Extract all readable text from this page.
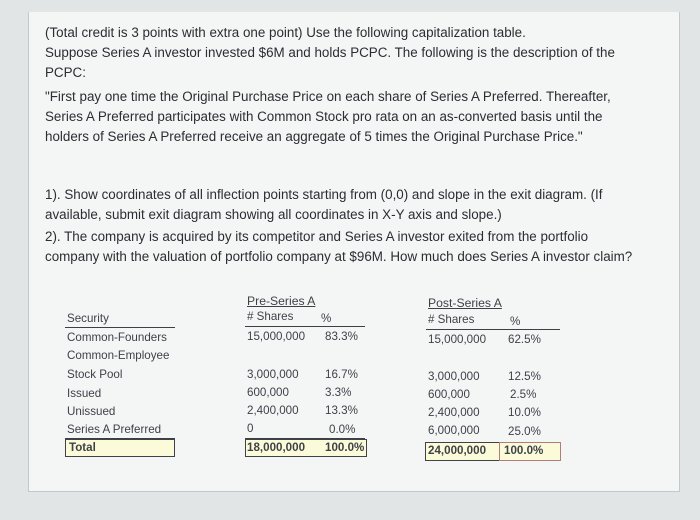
(Total credit is 3 points with extra one point) Use the following capitalization table.

Suppose Series A investor invested $6M and holds PCPC. The following is the description of the

PCPC:

"First pay one time the Original Purchase Price on each share of Series A Preferred. Thereafter,

Series A Preferred participates with Common Stock pro rata on an as-converted basis until the

holders of Series A Preferred receive an aggregate of 5 times the Original Purchase Price."

1). Show coordinates of all inflection points starting from (0,0) and slope in the exit diagram. (If

available, submit exit diagram showing all coordinates in X-Y axis and slope.)

2). The company is acquired by its competitor and Series A investor exited from the portfolio

company with the valuation of portfolio company at $96M. How much does Series A investor claim?

Pre-Series A	Post-Series A
Security	# Shares %	# Shares	%
Common-Founders	15,000,000 83.3%	15,000,000 62.5%
Common-Employee
Stock Pool	3,000,000 16.7%	3,000,000 12.5%
Issued	600,000	3.3%	600,000	2.5%
Unissued	2,400,000 13.3%	2,400,000 10.0%
Series A Preferred	0	0.0%	6,000,000 25.0%
Total	18,000,000 100.0%	24,000,000 100.0%
